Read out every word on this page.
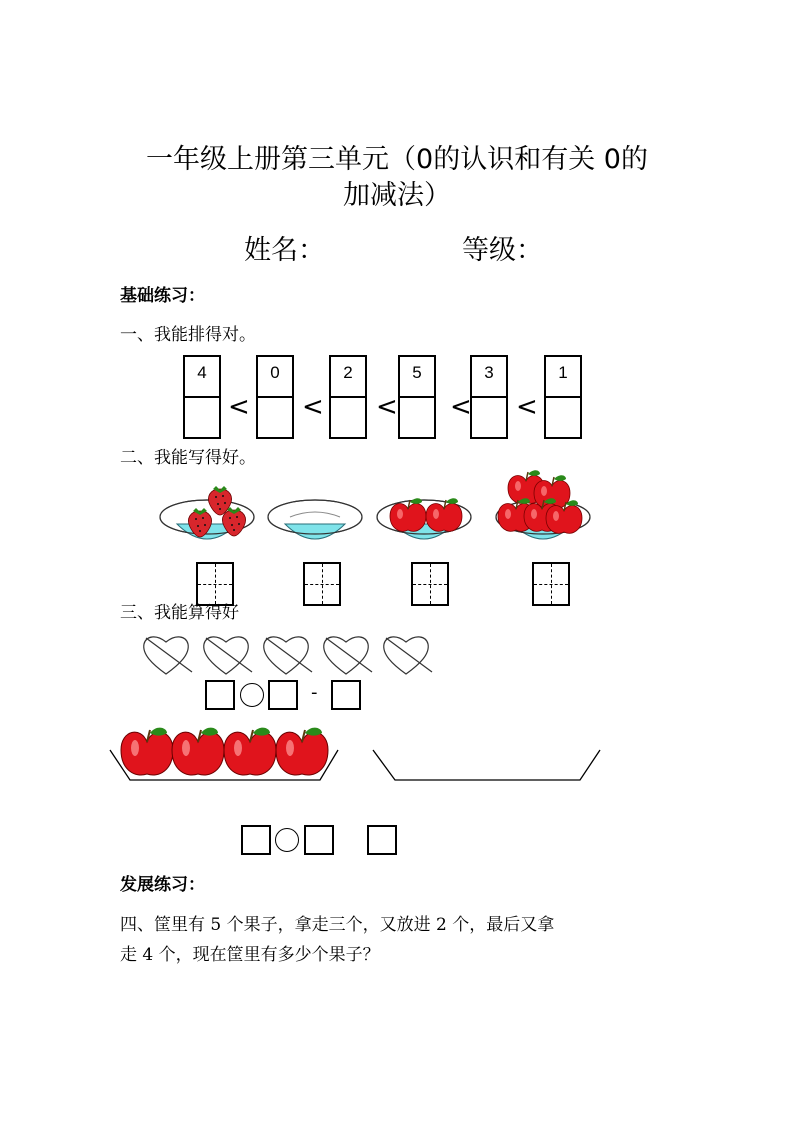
一年级上册第三单元（0的认识和有关 0的
加减法）
姓名：	等级：
基础练习：
一、我能排得对。
4
<
0
<
2
<
5
<
3
<
1
二、我能写得好。
三、我能算得好
-
发展练习：
四、筐里有 5 个果子，拿走三个，又放进 2 个，最后又拿
走 4 个，现在筐里有多少个果子？
